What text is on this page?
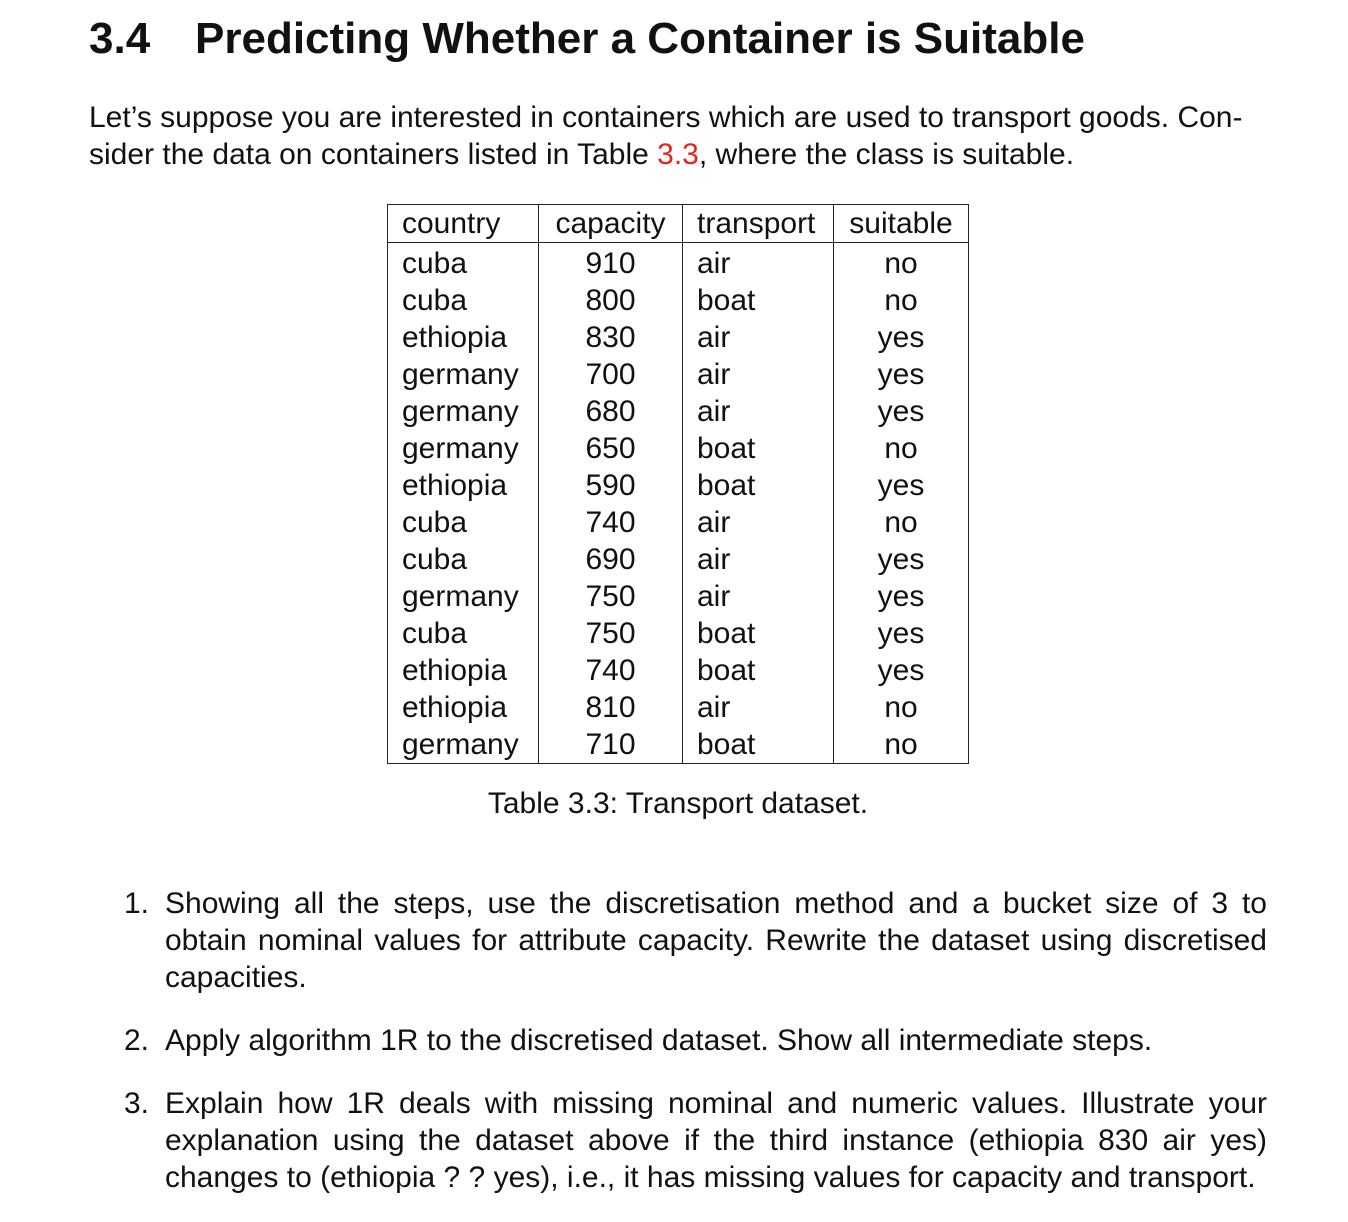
3.4 Predicting Whether a Container is Suitable

Let’s suppose you are interested in containers which are used to transport goods. Con-
sider the data on containers listed in Table 3.3, where the class is suitable.

country	capacity	transport	suitable
cuba	910	air	no
cuba	800	boat	no
ethiopia	830	air	yes
germany	700	air	yes
germany	680	air	yes
germany	650	boat	no
ethiopia	590	boat	yes
cuba	740	air	no
cuba	690	air	yes
germany	750	air	yes
cuba	750	boat	yes
ethiopia	740	boat	yes
ethiopia	810	air	no
germany	710	boat	no

Table 3.3: Transport dataset.

1. Showing all the steps, use the discretisation method and a bucket size of 3 to
obtain nominal values for attribute capacity. Rewrite the dataset using discretised
capacities.
2. Apply algorithm 1R to the discretised dataset. Show all intermediate steps.
3. Explain how 1R deals with missing nominal and numeric values. Illustrate your
explanation using the dataset above if the third instance (ethiopia 830 air yes)
changes to (ethiopia ? ? yes), i.e., it has missing values for capacity and transport.
